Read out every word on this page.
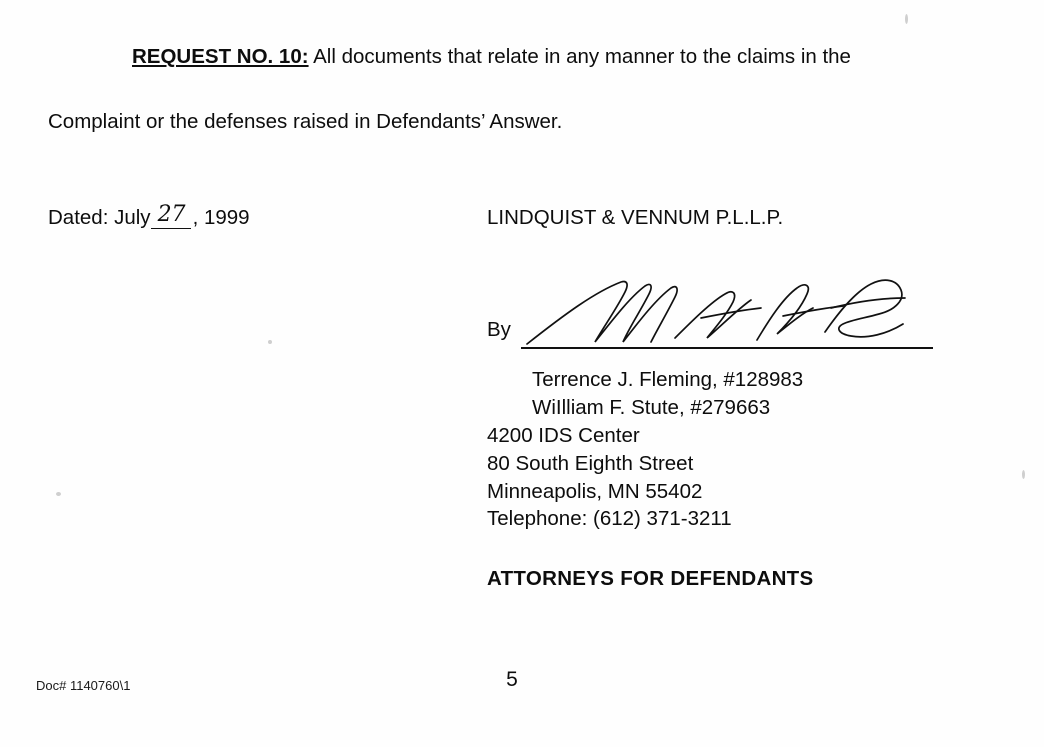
REQUEST NO. 10: All documents that relate in any manner to the claims in the
Complaint or the defenses raised in Defendants’ Answer.
Dated: July 27 , 1999	LINDQUIST & VENNUM P.L.L.P.
By
Terrence J. Fleming, #128983
WiIlliam F. Stute, #279663
4200 IDS Center
80 South Eighth Street
Minneapolis, MN 55402
Telephone: (612) 371-3211
ATTORNEYS FOR DEFENDANTS
Doc# 1140760\1	5
